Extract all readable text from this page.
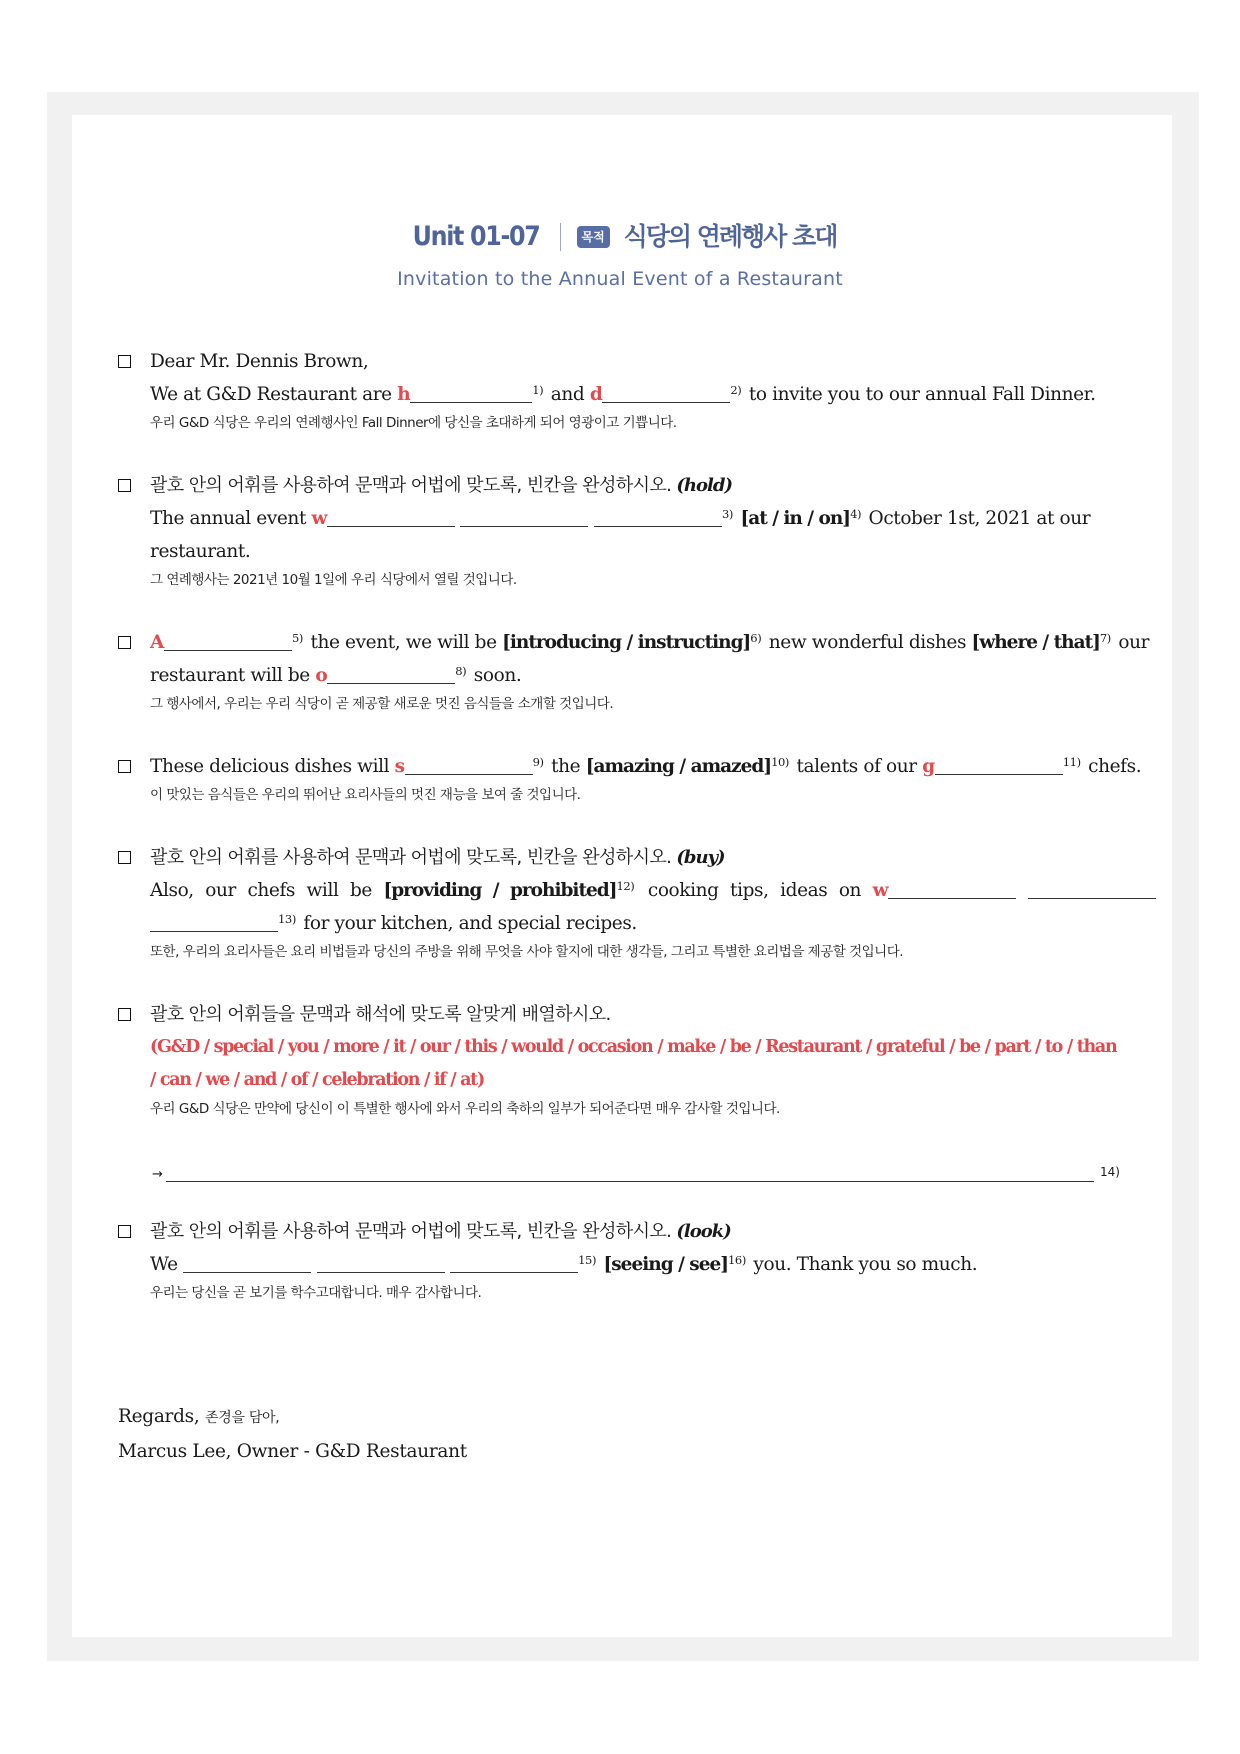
Unit 01-07	목적 식당의 연례행사 초대
Invitation to the Annual Event of a Restaurant
Dear Mr. Dennis Brown,
We at G&D Restaurant are h	$^{1)}$ and d	$^{2)}$ to invite you to our annual Fall Dinner.
우리 G&D 식당은 우리의 연례행사인 Fall Dinner에 당신을 초대하게 되어 영광이고 기쁩니다.
괄호 안의 어휘를 사용하여 문맥과 어법에 맞도록, 빈칸을 완성하시오. (hold)
The annual event w	$^{3)}$ [at / in / on]$^{4)}$ October 1st, 2021 at our
restaurant.
그 연례행사는 2021년 10월 1일에 우리 식당에서 열릴 것입니다.
A	$^{5)}$ the event, we will be [introducing / instructing]$^{6)}$ new wonderful dishes [where / that]$^{7)}$ our
restaurant will be o	$^{8)}$ soon.
그 행사에서, 우리는 우리 식당이 곧 제공할 새로운 멋진 음식들을 소개할 것입니다.
These delicious dishes will s	$^{9)}$ the [amazing / amazed]$^{10)}$ talents of our g	$^{11)}$ chefs.
이 맛있는 음식들은 우리의 뛰어난 요리사들의 멋진 재능을 보여 줄 것입니다.
괄호 안의 어휘를 사용하여 문맥과 어법에 맞도록, 빈칸을 완성하시오. (buy)
Also, our chefs will be [providing / prohibited]$^{12)}$ cooking tips, ideas on w
$^{13)}$ for your kitchen, and special recipes.
또한, 우리의 요리사들은 요리 비법들과 당신의 주방을 위해 무엇을 사야 할지에 대한 생각들, 그리고 특별한 요리법을 제공할 것입니다.
괄호 안의 어휘들을 문맥과 해석에 맞도록 알맞게 배열하시오.
(G&D / special / you / more / it / our / this / would / occasion / make / be / Restaurant / grateful / be / part / to / than
/ can / we / and / of / celebration / if / at)
우리 G&D 식당은 만약에 당신이 이 특별한 행사에 와서 우리의 축하의 일부가 되어준다면 매우 감사할 것입니다.
→	14)
괄호 안의 어휘를 사용하여 문맥과 어법에 맞도록, 빈칸을 완성하시오. (look)
We	$^{15)}$ [seeing / see]$^{16)}$ you. Thank you so much.
우리는 당신을 곧 보기를 학수고대합니다. 매우 감사합니다.
Regards, 존경을 담아,
Marcus Lee, Owner - G&D Restaurant
